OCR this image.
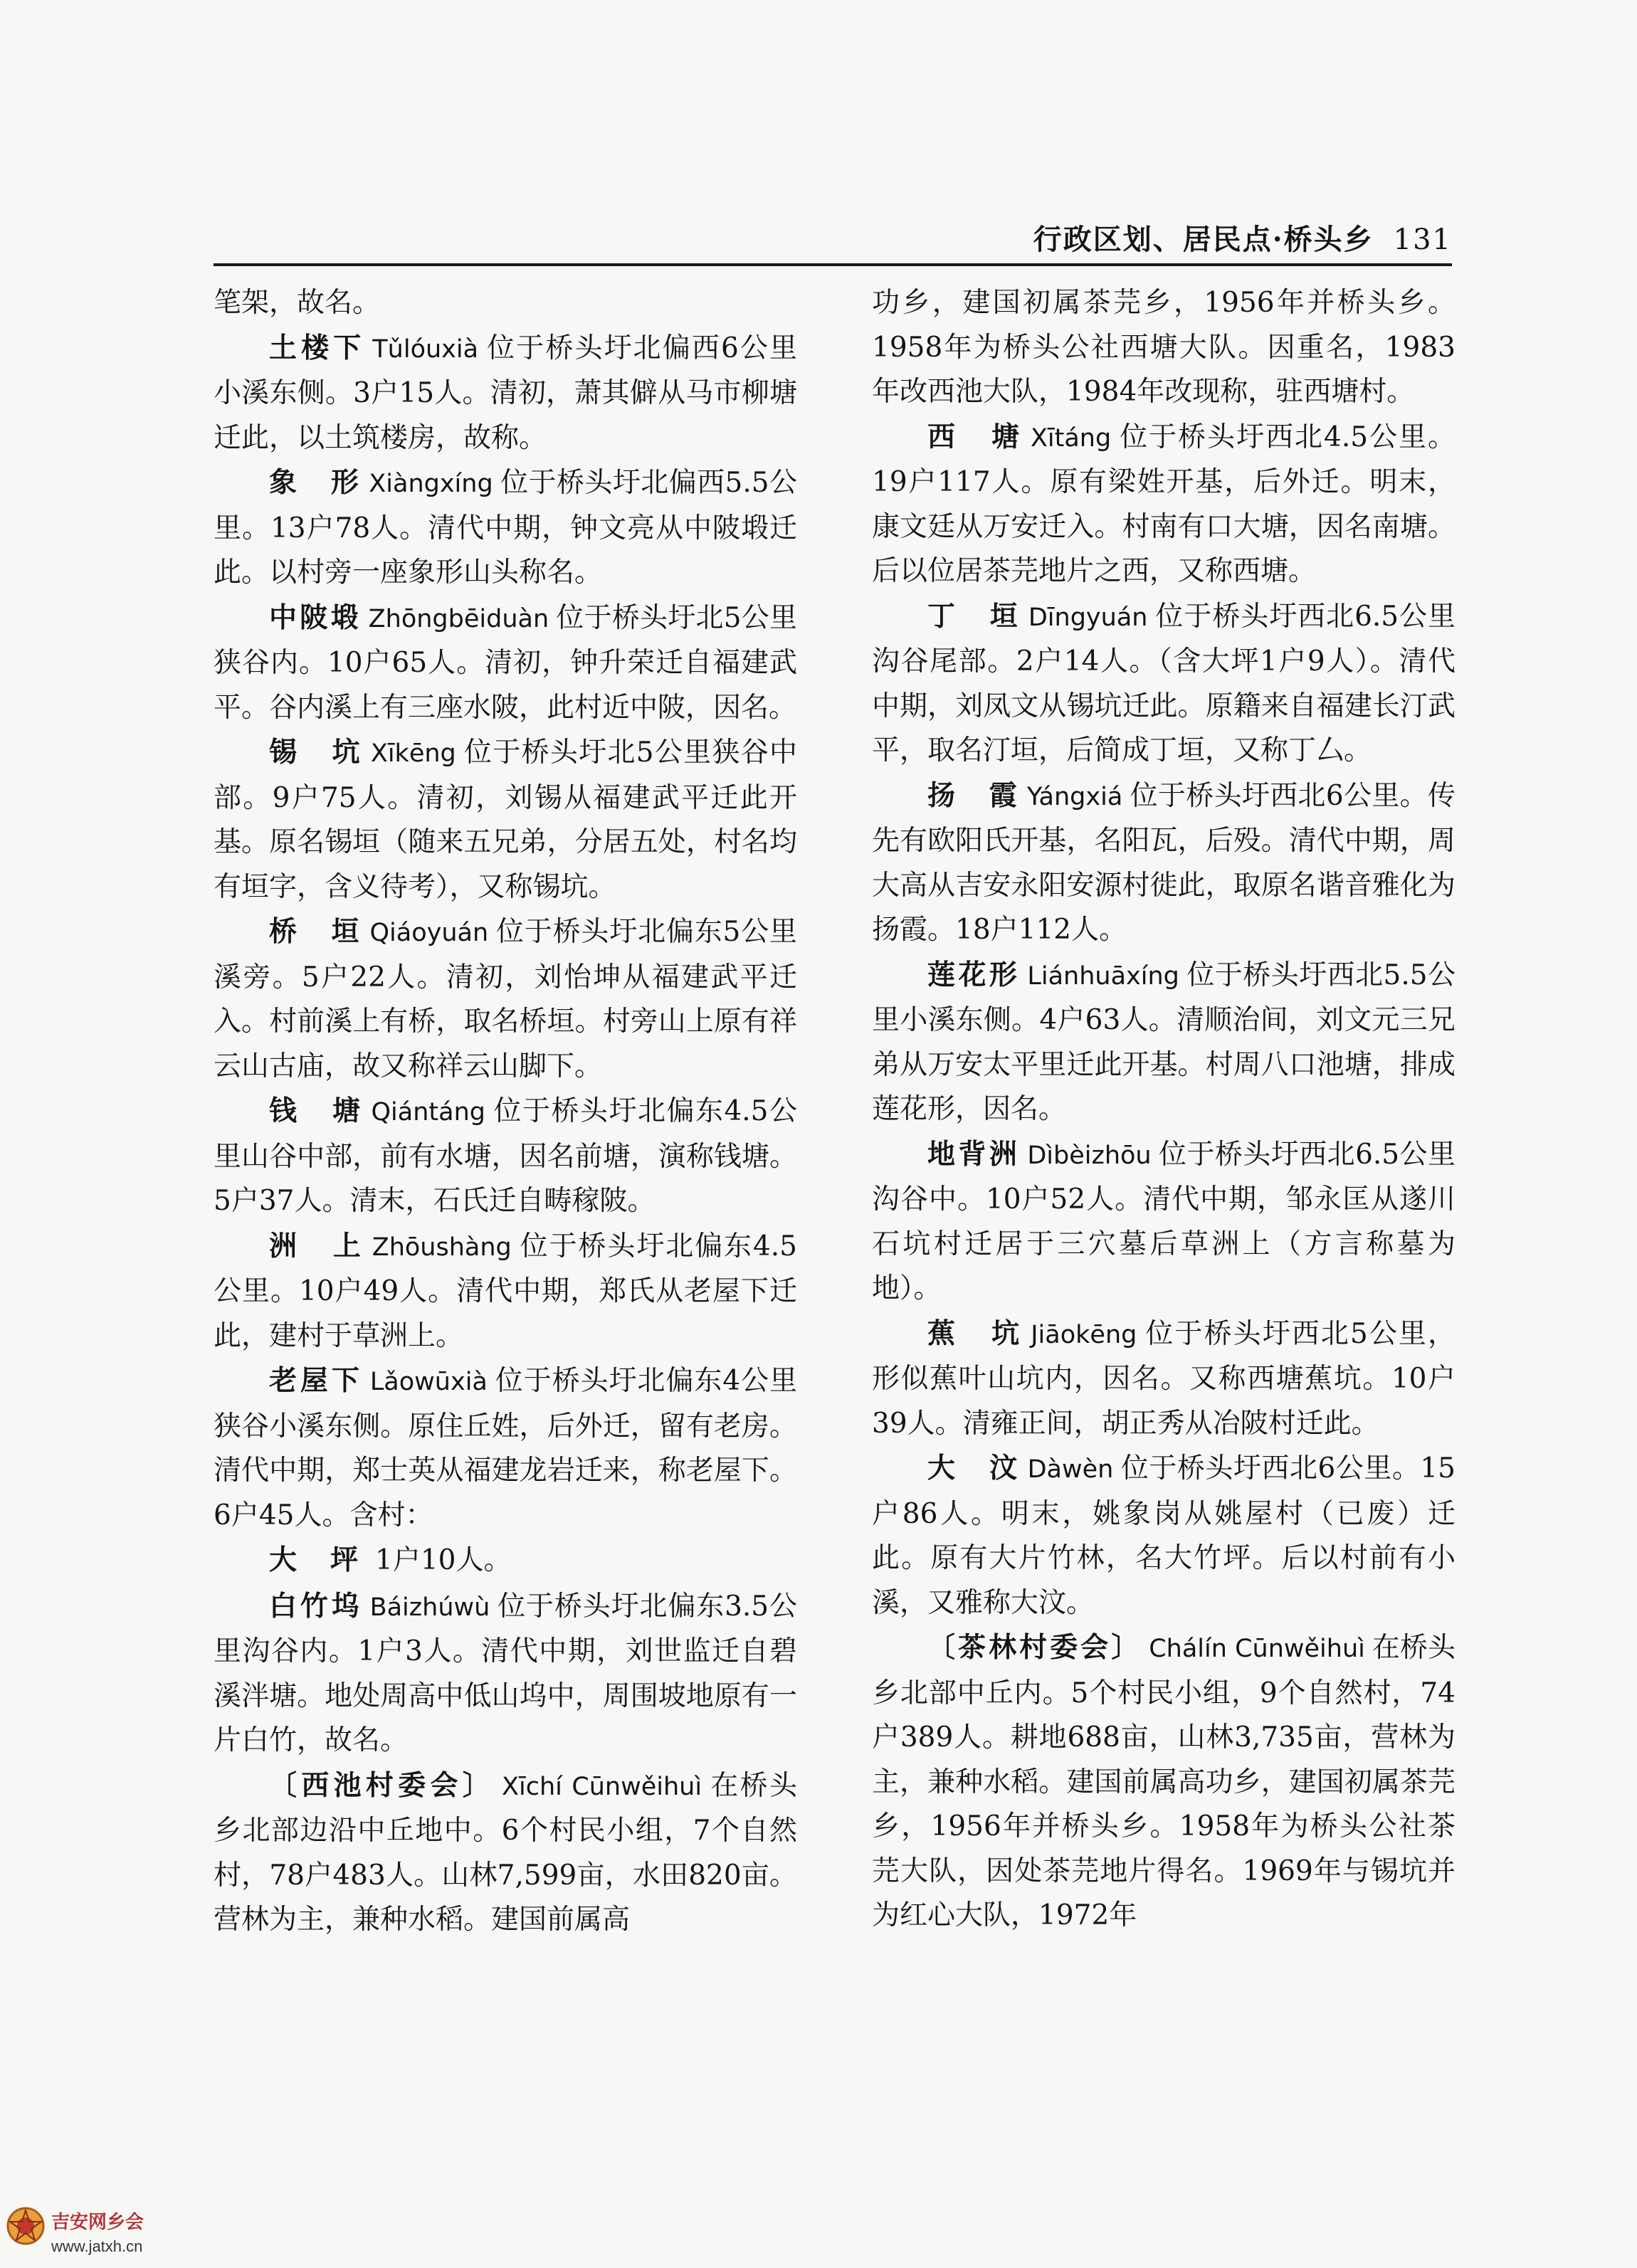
行政区划、居民点·桥头乡 131

笔架，故名。

土楼下 Tǔlóuxià 位于桥头圩北偏西6公里小溪东侧。3户15人。清初，萧其僻从马市柳塘迁此，以土筑楼房，故称。

象　形 Xiàngxíng 位于桥头圩北偏西5.5公里。13户78人。清代中期，钟文亮从中陂塅迁此。以村旁一座象形山头称名。

中陂塅 Zhōngbēiduàn 位于桥头圩北5公里狭谷内。10户65人。清初，钟升荣迁自福建武平。谷内溪上有三座水陂，此村近中陂，因名。

锡　坑 Xīkēng 位于桥头圩北5公里狭谷中部。9户75人。清初，刘锡从福建武平迁此开基。原名锡垣（随来五兄弟，分居五处，村名均有垣字，含义待考），又称锡坑。

桥　垣 Qiáoyuán 位于桥头圩北偏东5公里溪旁。5户22人。清初，刘怡坤从福建武平迁入。村前溪上有桥，取名桥垣。村旁山上原有祥云山古庙，故又称祥云山脚下。

钱　塘 Qiántáng 位于桥头圩北偏东4.5公里山谷中部，前有水塘，因名前塘，演称钱塘。5户37人。清末，石氏迁自畴稼陂。

洲　上 Zhōushàng 位于桥头圩北偏东4.5公里。10户49人。清代中期，郑氏从老屋下迁此，建村于草洲上。

老屋下 Lǎowūxià 位于桥头圩北偏东4公里狭谷小溪东侧。原住丘姓，后外迁，留有老房。清代中期，郑士英从福建龙岩迁来，称老屋下。6户45人。含村：

大　坪 1户10人。

白竹坞 Báizhúwù 位于桥头圩北偏东3.5公里沟谷内。1户3人。清代中期，刘世监迁自碧溪泮塘。地处周高中低山坞中，周围坡地原有一片白竹，故名。

〔西池村委会〕 Xīchí Cūnwěihuì 在桥头乡北部边沿中丘地中。6个村民小组，7个自然村，78户483人。山林7,599亩，水田820亩。营林为主，兼种水稻。建国前属高

功乡，建国初属茶芫乡，1956年并桥头乡。1958年为桥头公社西塘大队。因重名，1983年改西池大队，1984年改现称，驻西塘村。

西　塘 Xītáng 位于桥头圩西北4.5公里。19户117人。原有梁姓开基，后外迁。明末，康文廷从万安迁入。村南有口大塘，因名南塘。后以位居茶芫地片之西，又称西塘。

丁　垣 Dīngyuán 位于桥头圩西北6.5公里沟谷尾部。2户14人。（含大坪1户9人）。清代中期，刘凤文从锡坑迁此。原籍来自福建长汀武平，取名汀垣，后简成丁垣，又称丁厶。

扬　霞 Yángxiá 位于桥头圩西北6公里。传先有欧阳氏开基，名阳瓦，后殁。清代中期，周大高从吉安永阳安源村徙此，取原名谐音雅化为扬霞。18户112人。

莲花形 Liánhuāxíng 位于桥头圩西北5.5公里小溪东侧。4户63人。清顺治间，刘文元三兄弟从万安太平里迁此开基。村周八口池塘，排成莲花形，因名。

地背洲 Dìbèizhōu 位于桥头圩西北6.5公里沟谷中。10户52人。清代中期，邹永匡从遂川石坑村迁居于三穴墓后草洲上（方言称墓为地）。

蕉　坑 Jiāokēng 位于桥头圩西北5公里，形似蕉叶山坑内，因名。又称西塘蕉坑。10户39人。清雍正间，胡正秀从冶陂村迁此。

大　汶 Dàwèn 位于桥头圩西北6公里。15户86人。明末，姚象岗从姚屋村（已废）迁此。原有大片竹林，名大竹坪。后以村前有小溪，又雅称大汶。

〔茶林村委会〕 Chálín Cūnwěihuì 在桥头乡北部中丘内。5个村民小组，9个自然村，74户389人。耕地688亩，山林3,735亩，营林为主，兼种水稻。建国前属高功乡，建国初属茶芫乡，1956年并桥头乡。1958年为桥头公社茶芫大队，因处茶芫地片得名。1969年与锡坑并为红心大队，1972年

吉安网乡会
www.jatxh.cn
